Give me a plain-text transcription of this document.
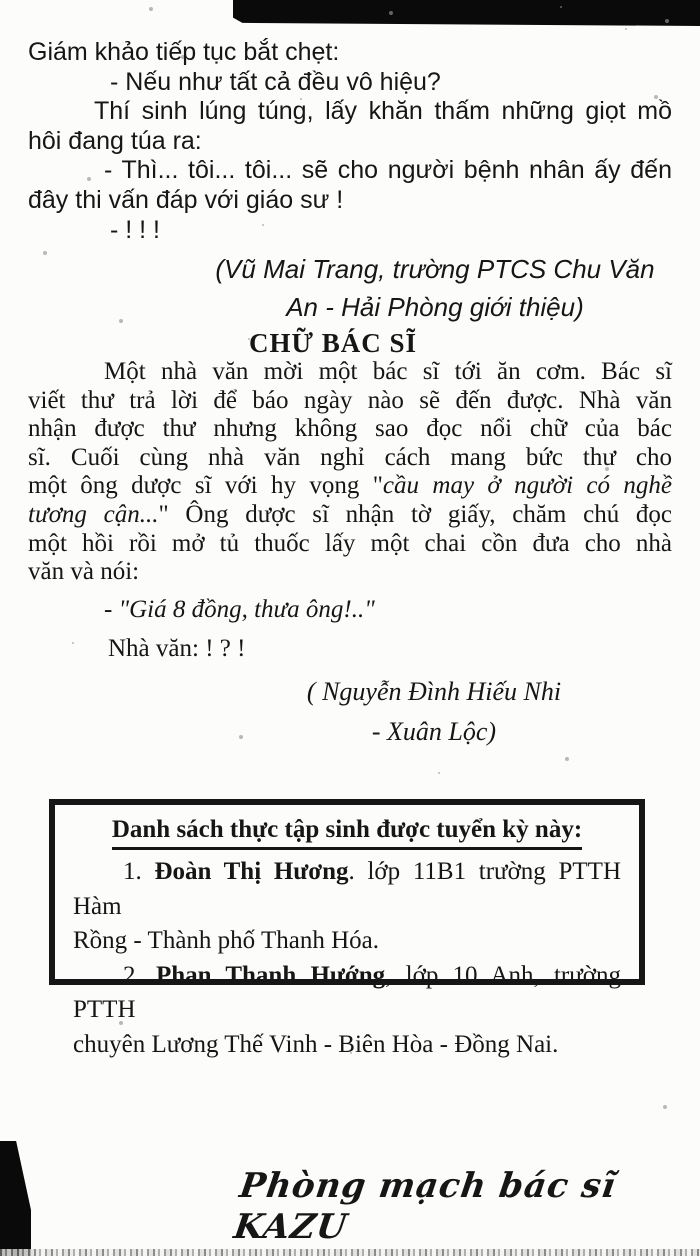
Giám khảo tiếp tục bắt chẹt:
- Nếu như tất cả đều vô hiệu?
Thí sinh lúng túng, lấy khăn thấm những giọt mồ
hôi đang túa ra:
- Thì... tôi... tôi... sẽ cho người bệnh nhân ấy đến
đây thi vấn đáp với giáo sư !
- ! ! !
(Vũ Mai Trang, trường PTCS Chu Văn
An - Hải Phòng giới thiệu)
CHỮ BÁC SĨ
Một nhà văn mời một bác sĩ tới ăn cơm. Bác sĩ
viết thư trả lời để báo ngày nào sẽ đến được. Nhà văn
nhận được thư nhưng không sao đọc nổi chữ của bác
sĩ. Cuối cùng nhà văn nghỉ cách mang bức thư cho
một ông dược sĩ với hy vọng "cầu may ở người có nghề
tương cận..." Ông dược sĩ nhận tờ giấy, chăm chú đọc
một hồi rồi mở tủ thuốc lấy một chai cồn đưa cho nhà
văn và nói:
- "Giá 8 đồng, thưa ông!.."
Nhà văn: ! ? !
( Nguyễn Đình Hiếu Nhi
- Xuân Lộc)
Danh sách thực tập sinh được tuyển kỳ này:
1. Đoàn Thị Hương. lớp 11B1 trường PTTH Hàm
Rồng - Thành phố Thanh Hóa.
2. Phan Thanh Hướng, lớp 10 Anh, trường PTTH
chuyên Lương Thế Vinh - Biên Hòa - Đồng Nai.
Phòng mạch bác sĩ KAZU
